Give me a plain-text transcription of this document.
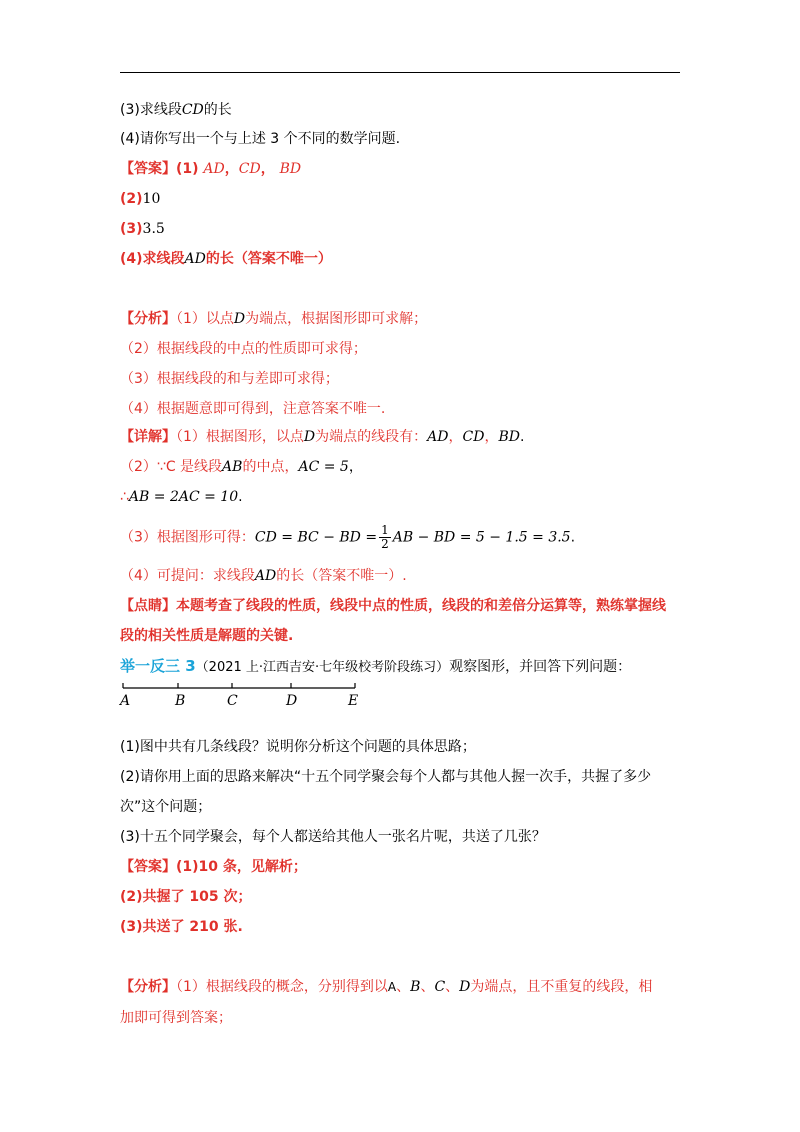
(3)求线段CD的长
(4)请你写出一个与上述 3 个不同的数学问题.
【答案】(1) AD，CD， BD
(2)10
(3)3.5
(4)求线段AD的长（答案不唯一）
【分析】（1）以点D为端点，根据图形即可求解；
（2）根据线段的中点的性质即可求得；
（3）根据线段的和与差即可求得；
（4）根据题意即可得到，注意答案不唯一.
【详解】（1）根据图形，以点D为端点的线段有：AD，CD，BD.
（2）∵C 是线段AB的中点，AC = 5，
∴AB = 2AC = 10.
（3）根据图形可得：CD = BC − BD = $\frac{1}{2}$ AB − BD = 5 − 1.5 = 3.5.
（4）可提问：求线段AD的长（答案不唯一）.
【点睛】本题考查了线段的性质，线段中点的性质，线段的和差倍分运算等，熟练掌握线
段的相关性质是解题的关键.
举一反三 3（2021 上·江西吉安·七年级校考阶段练习）观察图形，并回答下列问题：
A	B	C	D	E
(1)图中共有几条线段？说明你分析这个问题的具体思路；
(2)请你用上面的思路来解决“十五个同学聚会每个人都与其他人握一次手，共握了多少
次”这个问题；
(3)十五个同学聚会，每个人都送给其他人一张名片呢，共送了几张？
【答案】(1)10 条，见解析；
(2)共握了 105 次；
(3)共送了 210 张.
【分析】（1）根据线段的概念，分别得到以A、B、C、D为端点，且不重复的线段，相
加即可得到答案；
